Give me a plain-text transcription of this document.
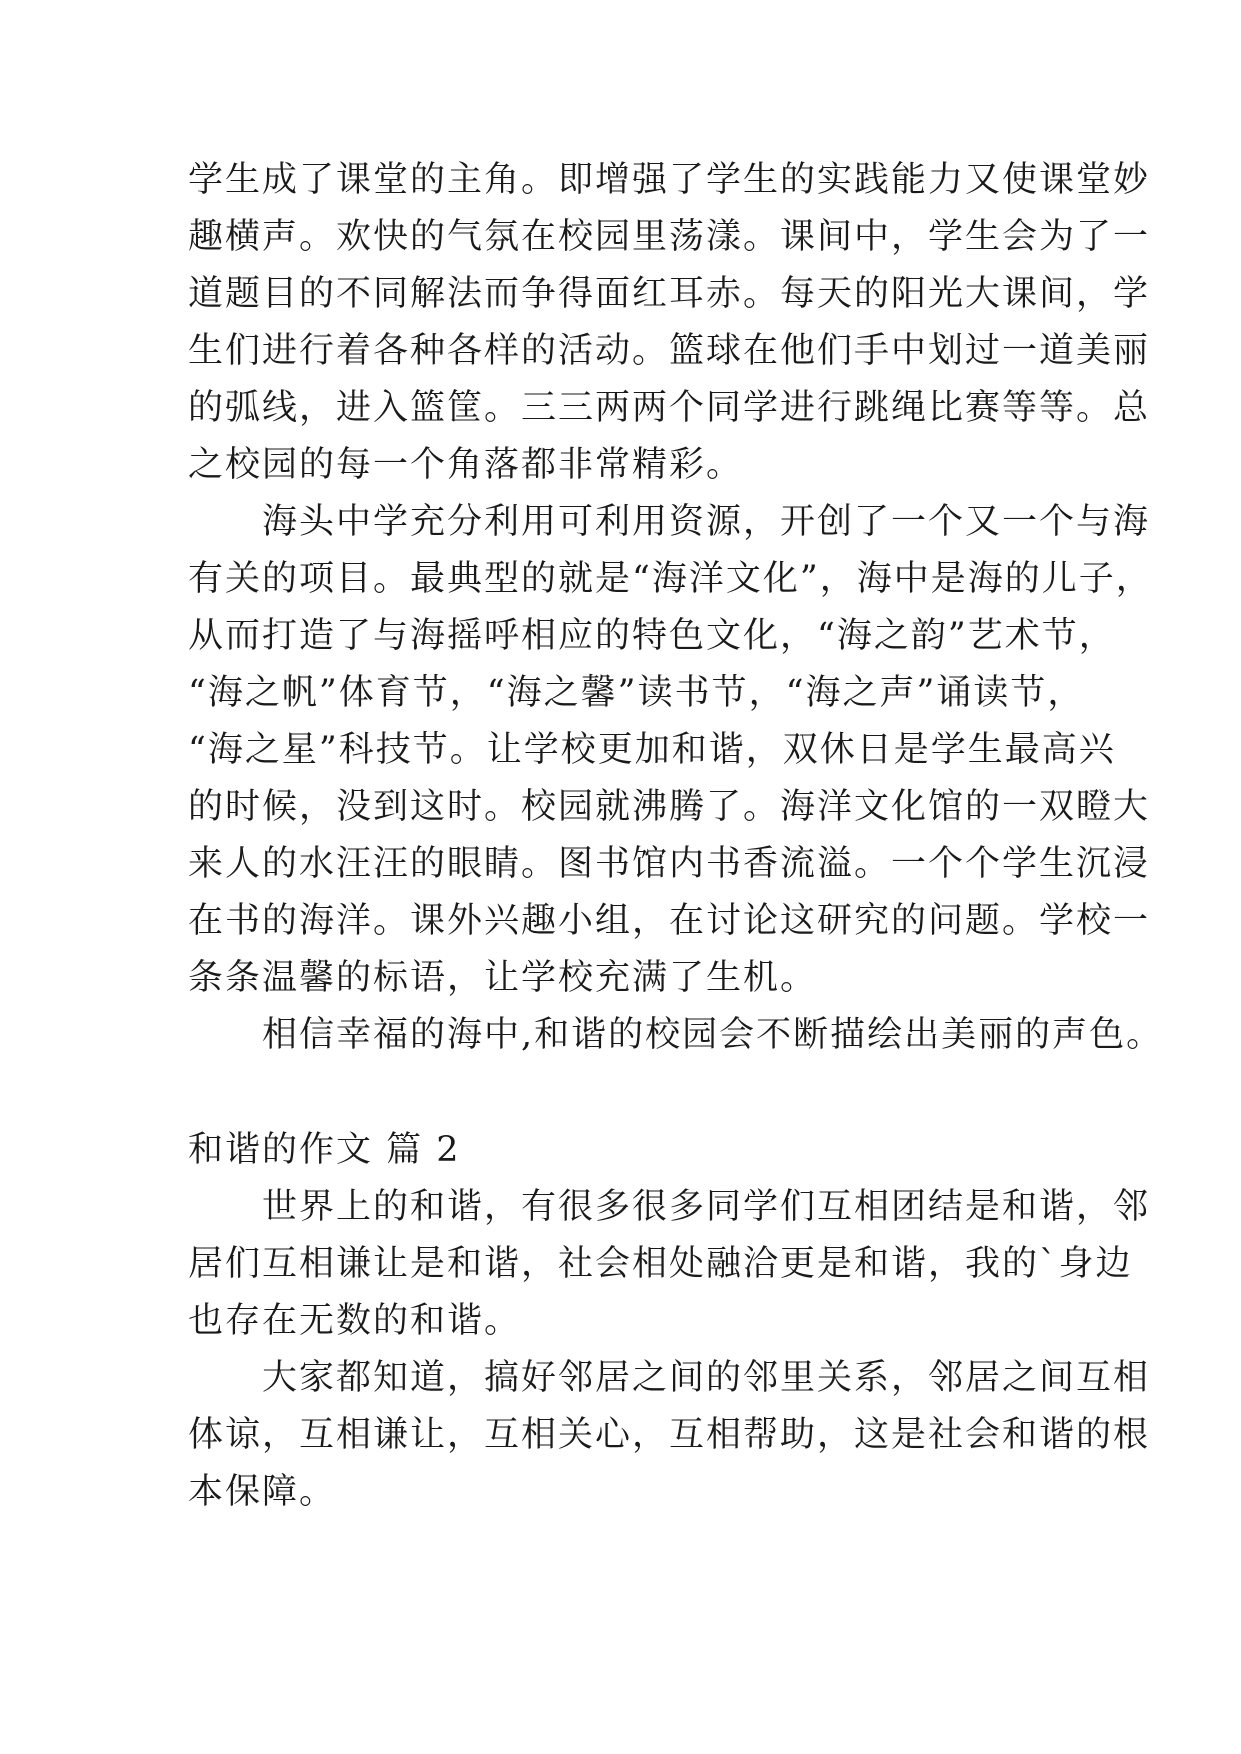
学生成了课堂的主角。即增强了学生的实践能力又使课堂妙
趣横声。欢快的气氛在校园里荡漾。课间中，学生会为了一
道题目的不同解法而争得面红耳赤。每天的阳光大课间，学
生们进行着各种各样的活动。篮球在他们手中划过一道美丽
的弧线，进入篮筐。三三两两个同学进行跳绳比赛等等。总
之校园的每一个角落都非常精彩。
　　海头中学充分利用可利用资源，开创了一个又一个与海
有关的项目。最典型的就是“海洋文化”，海中是海的儿子，
从而打造了与海摇呼相应的特色文化，“海之韵”艺术节，
“海之帆”体育节，“海之馨”读书节，“海之声”诵读节，
“海之星”科技节。让学校更加和谐，双休日是学生最高兴
的时候，没到这时。校园就沸腾了。海洋文化馆的一双瞪大
来人的水汪汪的眼睛。图书馆内书香流溢。一个个学生沉浸
在书的海洋。课外兴趣小组，在讨论这研究的问题。学校一
条条温馨的标语，让学校充满了生机。
　　相信幸福的海中,和谐的校园会不断描绘出美丽的声色。
和谐的作文 篇 2
　　世界上的和谐，有很多很多同学们互相团结是和谐，邻
居们互相谦让是和谐，社会相处融洽更是和谐，我的`身边
也存在无数的和谐。
　　大家都知道，搞好邻居之间的邻里关系，邻居之间互相
体谅，互相谦让，互相关心，互相帮助，这是社会和谐的根
本保障。
